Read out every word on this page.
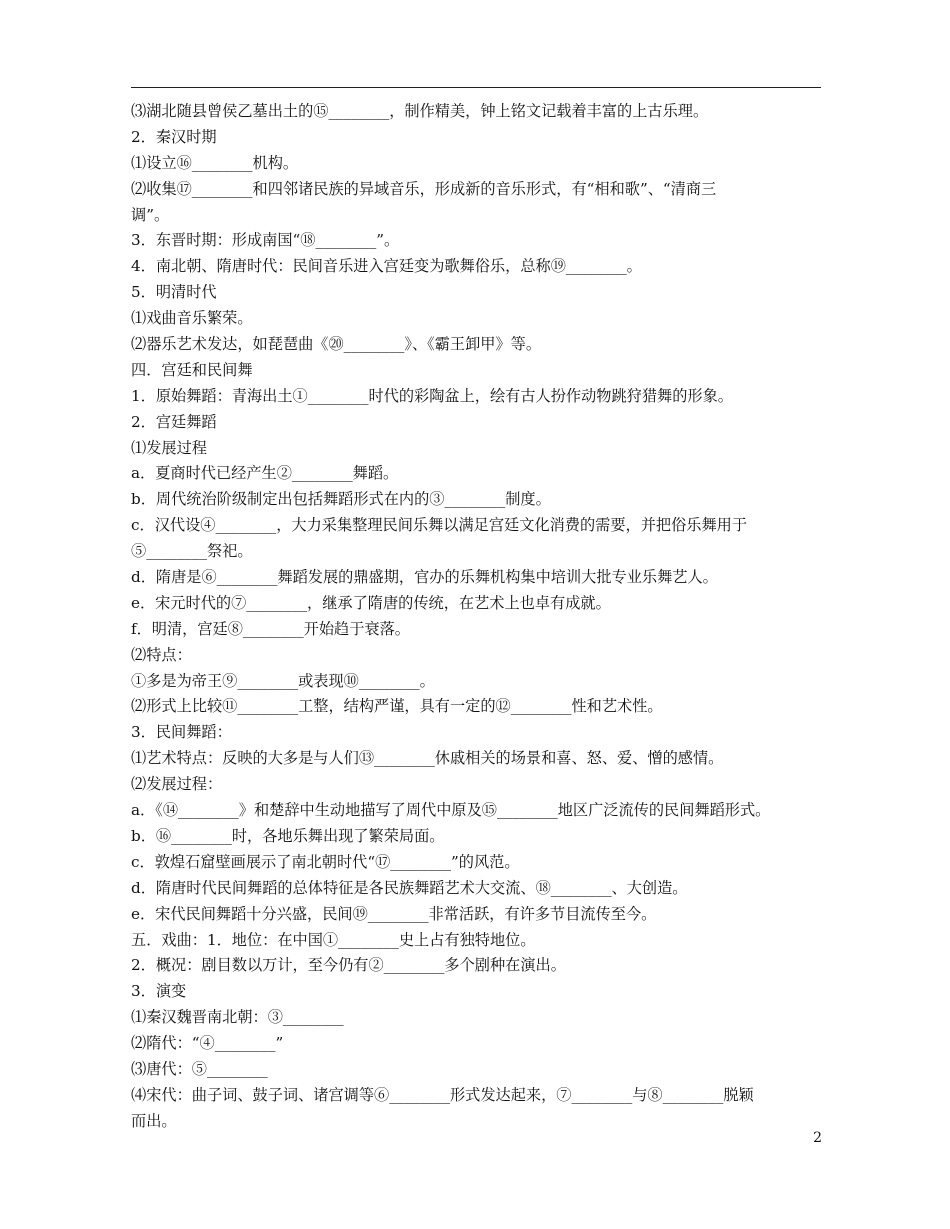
⑶湖北随县曾侯乙墓出土的⑮________，制作精美，钟上铭文记载着丰富的上古乐理。
2．秦汉时期
⑴设立⑯________机构。
⑵收集⑰________和四邻诸民族的异域音乐，形成新的音乐形式，有“相和歌”、“清商三
调”。
3．东晋时期：形成南国“⑱________”。
4．南北朝、隋唐时代：民间音乐进入宫廷变为歌舞俗乐，总称⑲________。
5．明清时代
⑴戏曲音乐繁荣。
⑵器乐艺术发达，如琵琶曲《⑳________》、《霸王卸甲》等。
四．宫廷和民间舞
1．原始舞蹈：青海出土①________时代的彩陶盆上，绘有古人扮作动物跳狩猎舞的形象。
2．宫廷舞蹈
⑴发展过程
a．夏商时代已经产生②________舞蹈。
b．周代统治阶级制定出包括舞蹈形式在内的③________制度。
c．汉代设④________，大力采集整理民间乐舞以满足宫廷文化消费的需要，并把俗乐舞用于
⑤________祭祀。
d．隋唐是⑥________舞蹈发展的鼎盛期，官办的乐舞机构集中培训大批专业乐舞艺人。
e．宋元时代的⑦________，继承了隋唐的传统，在艺术上也卓有成就。
f．明清，宫廷⑧________开始趋于衰落。
⑵特点：
①多是为帝王⑨________或表现⑩________。
⑵形式上比较⑪________工整，结构严谨，具有一定的⑫________性和艺术性。
3．民间舞蹈：
⑴艺术特点：反映的大多是与人们⑬________休戚相关的场景和喜、怒、爱、憎的感情。
⑵发展过程：
a．《⑭________》和楚辞中生动地描写了周代中原及⑮________地区广泛流传的民间舞蹈形式。
b．⑯________时，各地乐舞出现了繁荣局面。
c．敦煌石窟壁画展示了南北朝时代“⑰________”的风范。
d．隋唐时代民间舞蹈的总体特征是各民族舞蹈艺术大交流、⑱________、大创造。
e．宋代民间舞蹈十分兴盛，民间⑲________非常活跃，有许多节目流传至今。
五．戏曲：1．地位：在中国①________史上占有独特地位。
2．概况：剧目数以万计，至今仍有②________多个剧种在演出。
3．演变
⑴秦汉魏晋南北朝：③________
⑵隋代：“④________”
⑶唐代：⑤________
⑷宋代：曲子词、鼓子词、诸宫调等⑥________形式发达起来，⑦________与⑧________脱颖
而出。
2
